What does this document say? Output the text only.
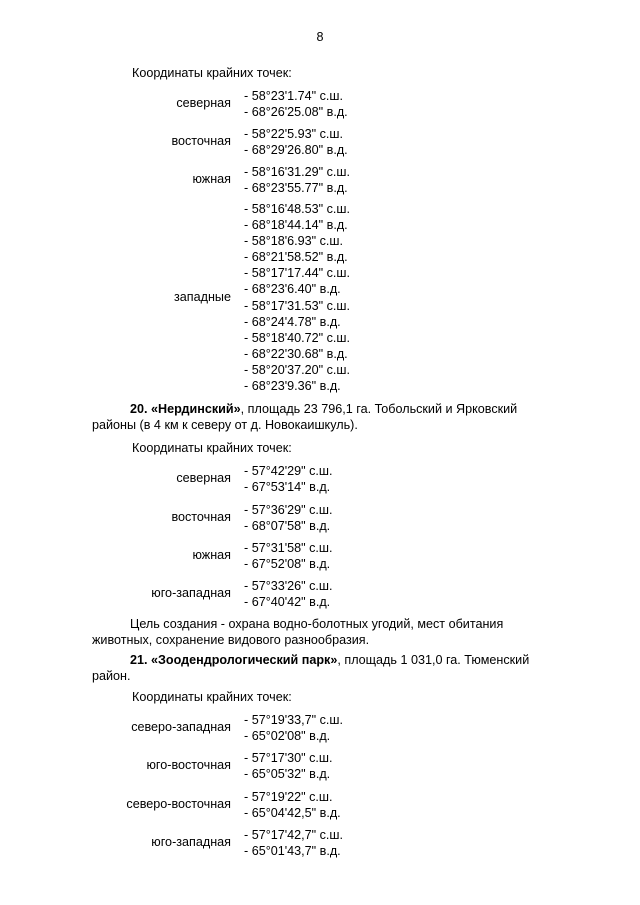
8
Координаты крайних точек:
северная - 58°23'1.74" с.ш.
- 68°26'25.08" в.д.
восточная - 58°22'5.93" с.ш.
- 68°29'26.80" в.д.
южная - 58°16'31.29" с.ш.
- 68°23'55.77" в.д.
западные
- 58°16'48.53" с.ш.
- 68°18'44.14" в.д.
- 58°18'6.93" с.ш.
- 68°21'58.52" в.д.
- 58°17'17.44" с.ш.
- 68°23'6.40" в.д.
- 58°17'31.53" с.ш.
- 68°24'4.78" в.д.
- 58°18'40.72" с.ш.
- 68°22'30.68" в.д.
- 58°20'37.20" с.ш.
- 68°23'9.36" в.д.
20. «Нердинский», площадь 23 796,1 га. Тобольский и Ярковский
районы (в 4 км к северу от д. Новокаишкуль).
Координаты крайних точек:
северная - 57°42'29" с.ш.
- 67°53'14" в.д.
восточная - 57°36'29" с.ш.
- 68°07'58" в.д.
южная - 57°31'58" с.ш.
- 67°52'08" в.д.
юго-западная - 57°33'26" с.ш.
- 67°40'42" в.д.
Цель создания - охрана водно-болотных угодий, мест обитания
животных, сохранение видового разнообразия.
21. «Зоодендрологический парк», площадь 1 031,0 га. Тюменский
район.
Координаты крайних точек:
северо-западная - 57°19'33,7" с.ш.
- 65°02'08" в.д.
юго-восточная - 57°17'30" с.ш.
- 65°05'32" в.д.
северо-восточная - 57°19'22" с.ш.
- 65°04'42,5" в.д.
юго-западная - 57°17'42,7" с.ш.
- 65°01'43,7" в.д.
